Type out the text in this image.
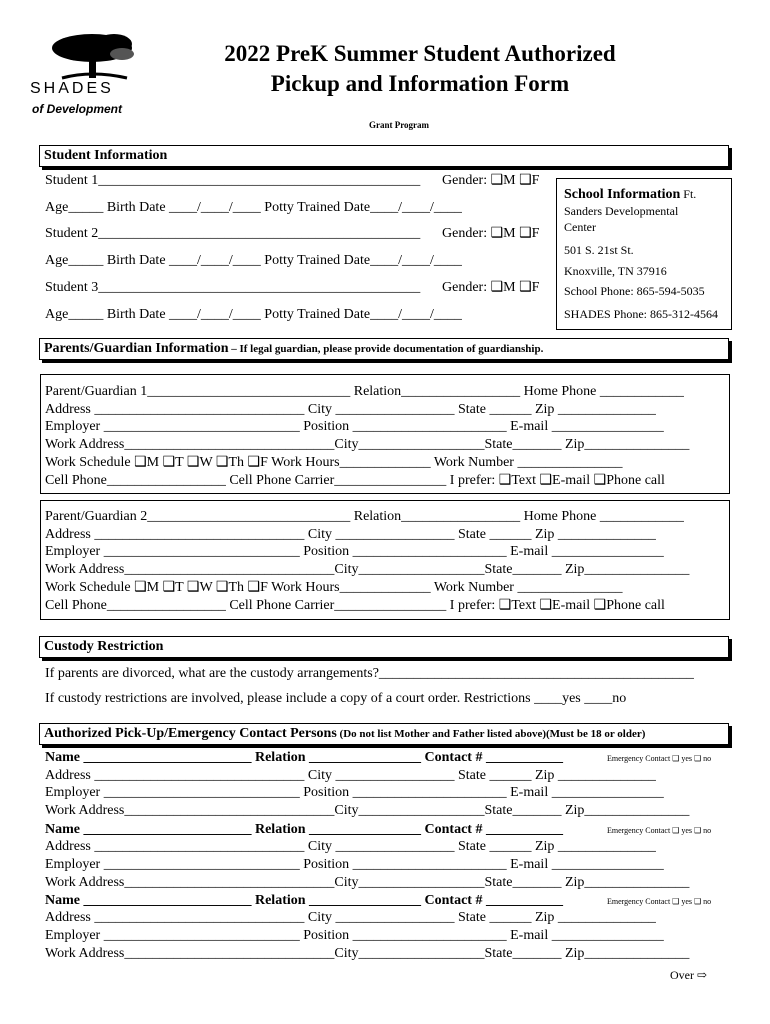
SHADES
of Development
2022 PreK Summer Student Authorized
Pickup and Information Form
Grant Program
Student Information
Student 1______________________________________________ Gender: ❑M ❑F
Age_____ Birth Date ____/____/____ Potty Trained Date____/____/____
Student 2______________________________________________ Gender: ❑M ❑F
Age_____ Birth Date ____/____/____ Potty Trained Date____/____/____
Student 3______________________________________________ Gender: ❑M ❑F
Age_____ Birth Date ____/____/____ Potty Trained Date____/____/____
School Information Ft.
Sanders Developmental
Center
501 S. 21st St.
Knoxville, TN 37916
School Phone: 865-594-5035
SHADES Phone: 865-312-4564
Parents/Guardian Information – If legal guardian, please provide documentation of guardianship.
Parent/Guardian 1_____________________________ Relation_________________ Home Phone ____________
Address ______________________________ City _________________ State ______ Zip ______________
Employer ____________________________ Position ______________________ E-mail ________________
Work Address______________________________City__________________State_______ Zip_______________
Work Schedule ❑M ❑T ❑W ❑Th ❑F Work Hours_____________ Work Number _______________
Cell Phone_________________ Cell Phone Carrier________________ I prefer: ❑Text ❑E-mail ❑Phone call
Parent/Guardian 2_____________________________ Relation_________________ Home Phone ____________
Address ______________________________ City _________________ State ______ Zip ______________
Employer ____________________________ Position ______________________ E-mail ________________
Work Address______________________________City__________________State_______ Zip_______________
Work Schedule ❑M ❑T ❑W ❑Th ❑F Work Hours_____________ Work Number _______________
Cell Phone_________________ Cell Phone Carrier________________ I prefer: ❑Text ❑E-mail ❑Phone call
Custody Restriction
If parents are divorced, what are the custody arrangements?_____________________________________________
If custody restrictions are involved, please include a copy of a court order. Restrictions ____yes ____no
Authorized Pick-Up/Emergency Contact Persons (Do not list Mother and Father listed above)(Must be 18 or older)
Name ________________________ Relation ________________ Contact # ___________	Emergency Contact ❑ yes ❑ no
Address ______________________________ City _________________ State ______ Zip ______________
Employer ____________________________ Position ______________________ E-mail ________________
Work Address______________________________City__________________State_______ Zip_______________
Name ________________________ Relation ________________ Contact # ___________	Emergency Contact ❑ yes ❑ no
Address ______________________________ City _________________ State ______ Zip ______________
Employer ____________________________ Position ______________________ E-mail ________________
Work Address______________________________City__________________State_______ Zip_______________
Name ________________________ Relation ________________ Contact # ___________	Emergency Contact ❑ yes ❑ no
Address ______________________________ City _________________ State ______ Zip ______________
Employer ____________________________ Position ______________________ E-mail ________________
Work Address______________________________City__________________State_______ Zip_______________
Over ⇨
